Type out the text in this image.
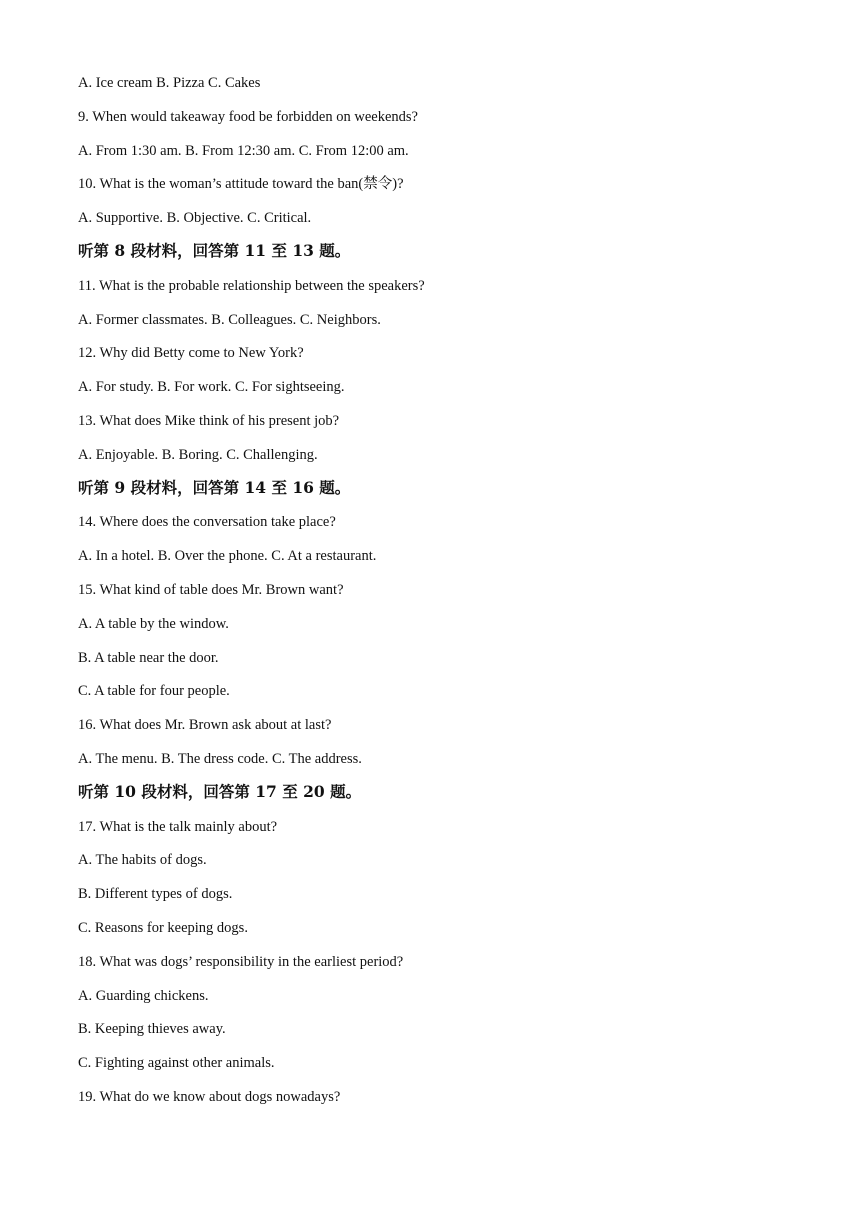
A. Ice cream B. Pizza C. Cakes
9. When would takeaway food be forbidden on weekends?
A. From 1:30 am. B. From 12:30 am. C. From 12:00 am.
10. What is the woman’s attitude toward the ban(禁令)?
A. Supportive. B. Objective. C. Critical.
听第 8 段材料，回答第 11 至 13 题。
11. What is the probable relationship between the speakers?
A. Former classmates. B. Colleagues. C. Neighbors.
12. Why did Betty come to New York?
A. For study. B. For work. C. For sightseeing.
13. What does Mike think of his present job?
A. Enjoyable. B. Boring. C. Challenging.
听第 9 段材料，回答第 14 至 16 题。
14. Where does the conversation take place?
A. In a hotel. B. Over the phone. C. At a restaurant.
15. What kind of table does Mr. Brown want?
A. A table by the window.
B. A table near the door.
C. A table for four people.
16. What does Mr. Brown ask about at last?
A. The menu. B. The dress code. C. The address.
听第 10 段材料，回答第 17 至 20 题。
17. What is the talk mainly about?
A. The habits of dogs.
B. Different types of dogs.
C. Reasons for keeping dogs.
18. What was dogs’ responsibility in the earliest period?
A. Guarding chickens.
B. Keeping thieves away.
C. Fighting against other animals.
19. What do we know about dogs nowadays?
